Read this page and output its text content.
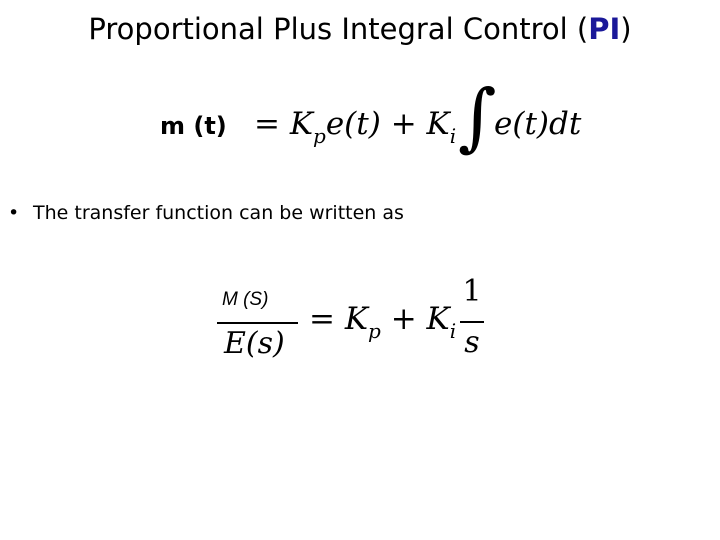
Proportional Plus Integral Control (PI)
m $(t) = K_pe(t) + K_i$ ∫
e(t)dt
• The transfer function can be written as
M (S)
E(s)
= $K_p + K_i$
1
s
